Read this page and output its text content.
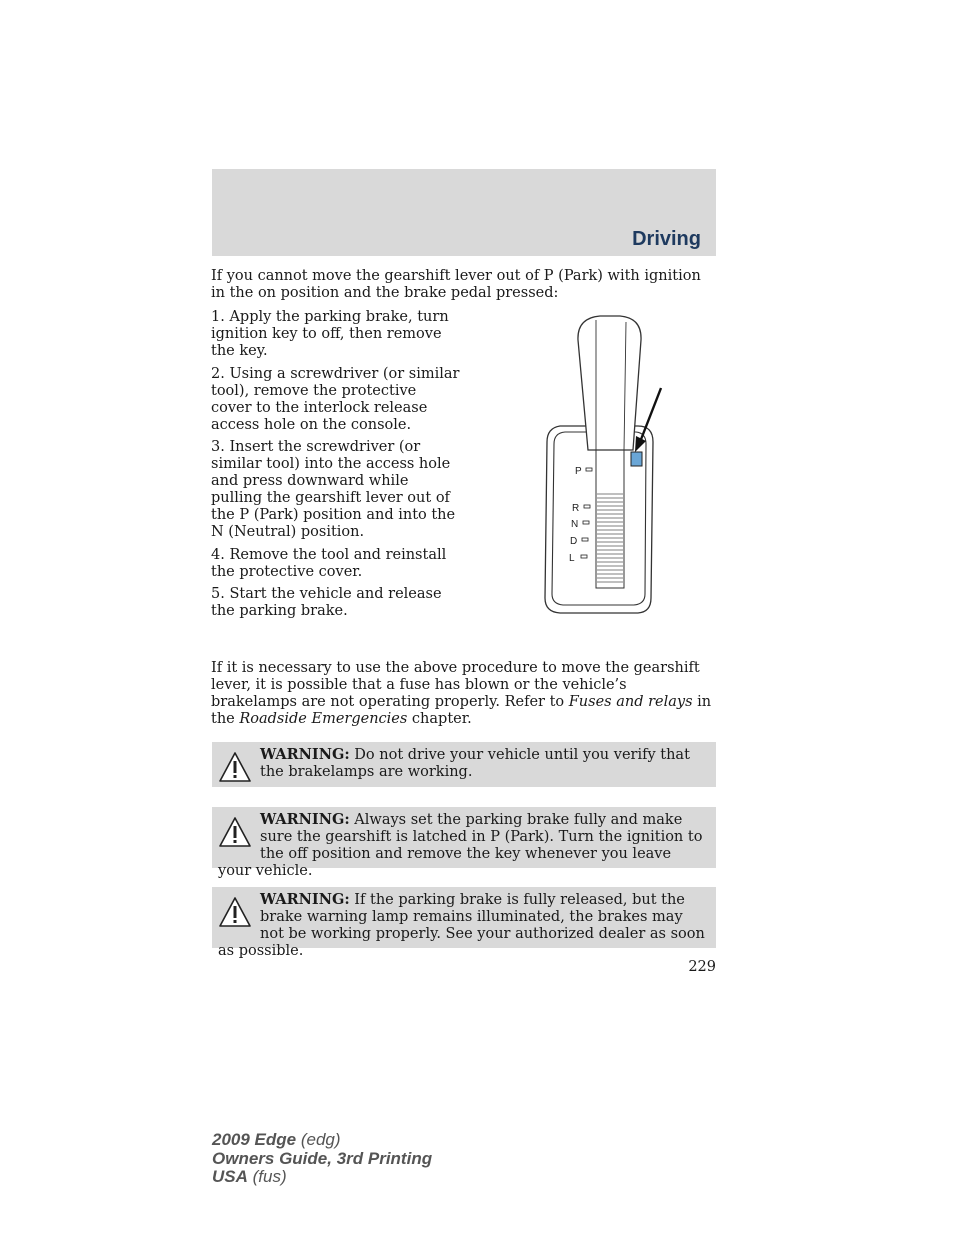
Driving
If you cannot move the gearshift lever out of P (Park) with ignition in the on position and the brake pedal pressed:

1. Apply the parking brake, turn ignition key to off, then remove the key.

2. Using a screwdriver (or similar tool), remove the protective cover to the interlock release access hole on the console.

3. Insert the screwdriver (or similar tool) into the access hole and press downward while pulling the gearshift lever out of the P (Park) position and into the N (Neutral) position.

4. Remove the tool and reinstall the protective cover.

5. Start the vehicle and release the parking brake.

P
R
N
D
L
If it is necessary to use the above procedure to move the gearshift lever, it is possible that a fuse has blown or the vehicle’s brakelamps are not operating properly. Refer to Fuses and relays in the Roadside Emergencies chapter.
WARNING: Do not drive your vehicle until you verify that the brakelamps are working.
WARNING: Always set the parking brake fully and make sure the gearshift is latched in P (Park). Turn the ignition to the off position and remove the key whenever you leave your vehicle.
WARNING: If the parking brake is fully released, but the brake warning lamp remains illuminated, the brakes may not be working properly. See your authorized dealer as soon as possible.
229
2009 Edge (edg)
Owners Guide, 3rd Printing
USA (fus)
